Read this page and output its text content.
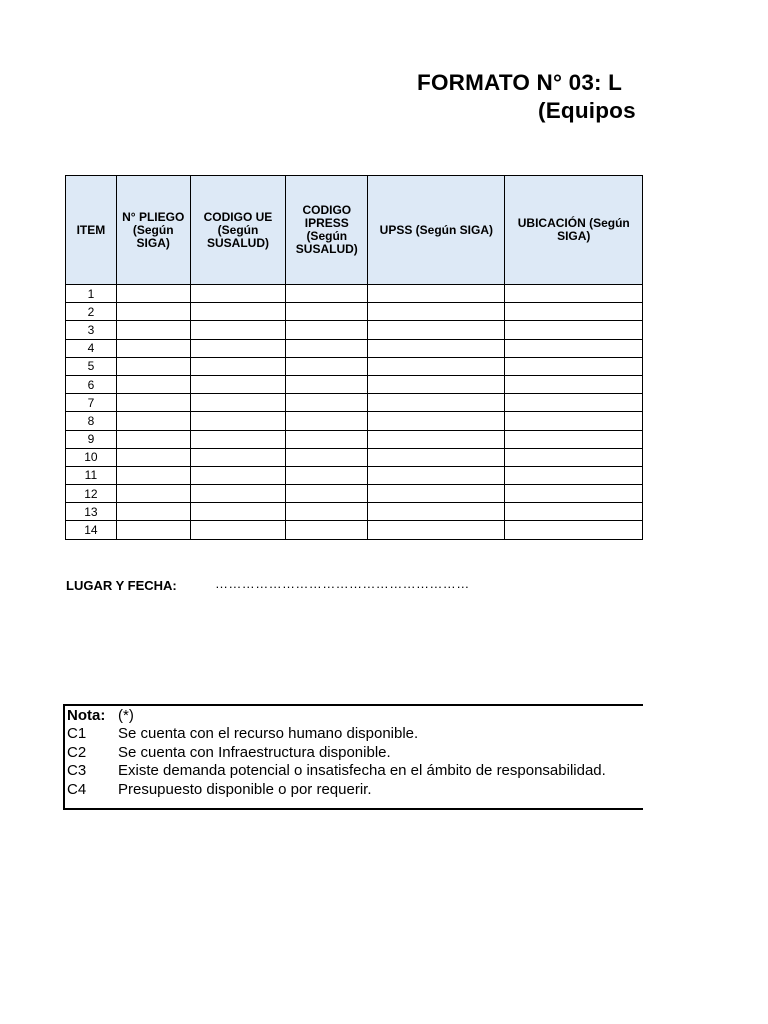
FORMATO N° 03: L
(Equipos
ITEM	N° PLIEGO (Según SIGA)	CODIGO UE (Según SUSALUD)	CODIGO IPRESS (Según SUSALUD)	UPSS (Según SIGA)	UBICACIÓN (Según SIGA)
1					
2					
3					
4					
5					
6					
7					
8					
9					
10					
11					
12					
13					
14					
LUGAR Y FECHA:	…………………………………………………
Nota: (*)
C1 Se cuenta con el recurso humano disponible.
C2 Se cuenta con Infraestructura disponible.
C3 Existe demanda potencial o insatisfecha en el ámbito de responsabilidad.
C4 Presupuesto disponible o por requerir.
